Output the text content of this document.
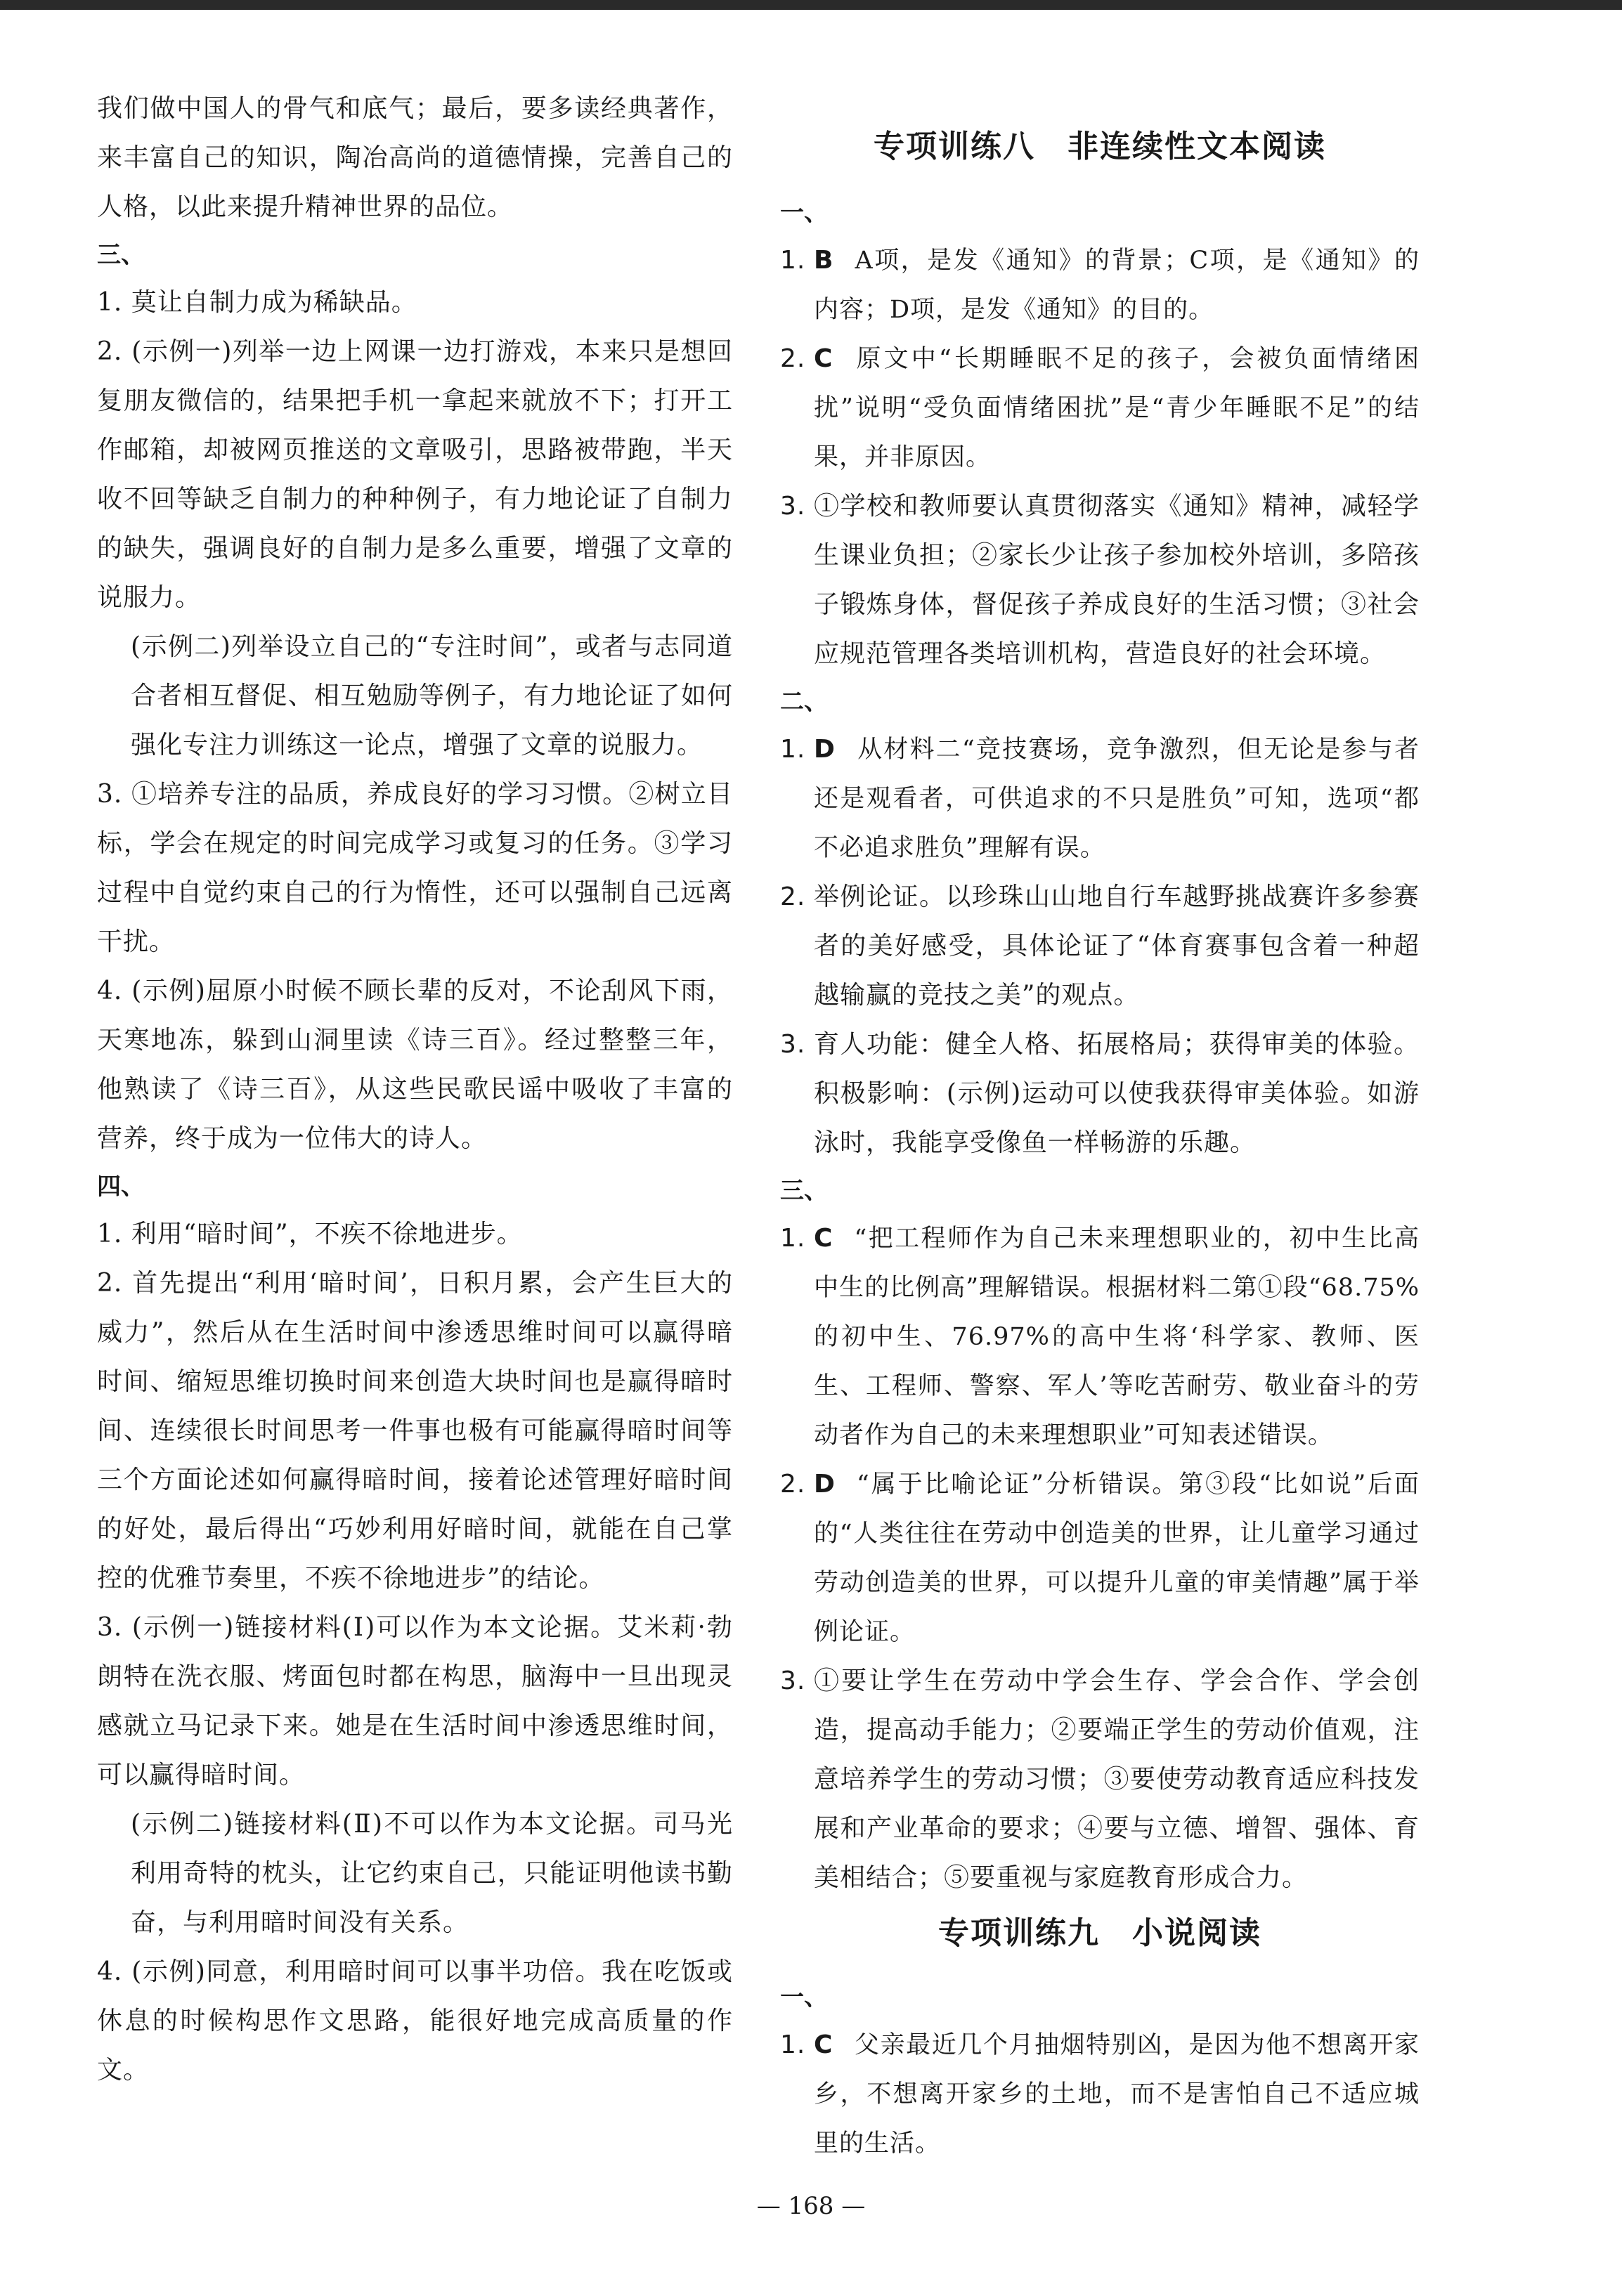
我们做中国人的骨气和底气；最后，要多读经典著作，来丰富自己的知识，陶冶高尚的道德情操，完善自己的人格，以此来提升精神世界的品位。
三、
1. 莫让自制力成为稀缺品。
2. (示例一)列举一边上网课一边打游戏，本来只是想回复朋友微信的，结果把手机一拿起来就放不下；打开工作邮箱，却被网页推送的文章吸引，思路被带跑，半天收不回等缺乏自制力的种种例子，有力地论证了自制力的缺失，强调良好的自制力是多么重要，增强了文章的说服力。
(示例二)列举设立自己的“专注时间”，或者与志同道合者相互督促、相互勉励等例子，有力地论证了如何强化专注力训练这一论点，增强了文章的说服力。
3. ①培养专注的品质，养成良好的学习习惯。②树立目标，学会在规定的时间完成学习或复习的任务。③学习过程中自觉约束自己的行为惰性，还可以强制自己远离干扰。
4. (示例)屈原小时候不顾长辈的反对，不论刮风下雨，天寒地冻，躲到山洞里读《诗三百》。经过整整三年，他熟读了《诗三百》，从这些民歌民谣中吸收了丰富的营养，终于成为一位伟大的诗人。
四、
1. 利用“暗时间”，不疾不徐地进步。
2. 首先提出“利用‘暗时间’，日积月累，会产生巨大的威力”，然后从在生活时间中渗透思维时间可以赢得暗时间、缩短思维切换时间来创造大块时间也是赢得暗时间、连续很长时间思考一件事也极有可能赢得暗时间等三个方面论述如何赢得暗时间，接着论述管理好暗时间的好处，最后得出“巧妙利用好暗时间，就能在自己掌控的优雅节奏里，不疾不徐地进步”的结论。
3. (示例一)链接材料(Ⅰ)可以作为本文论据。艾米莉·勃朗特在洗衣服、烤面包时都在构思，脑海中一旦出现灵感就立马记录下来。她是在生活时间中渗透思维时间，可以赢得暗时间。
(示例二)链接材料(Ⅱ)不可以作为本文论据。司马光利用奇特的枕头，让它约束自己，只能证明他读书勤奋，与利用暗时间没有关系。
4. (示例)同意，利用暗时间可以事半功倍。我在吃饭或休息的时候构思作文思路，能很好地完成高质量的作文。
专项训练八　非连续性文本阅读
一、
1. B A项，是发《通知》的背景；C项，是《通知》的内容；D项，是发《通知》的目的。
2. C 原文中“长期睡眠不足的孩子，会被负面情绪困扰”说明“受负面情绪困扰”是“青少年睡眠不足”的结果，并非原因。
3. ①学校和教师要认真贯彻落实《通知》精神，减轻学生课业负担；②家长少让孩子参加校外培训，多陪孩子锻炼身体，督促孩子养成良好的生活习惯；③社会应规范管理各类培训机构，营造良好的社会环境。
二、
1. D 从材料二“竞技赛场，竞争激烈，但无论是参与者还是观看者，可供追求的不只是胜负”可知，选项“都不必追求胜负”理解有误。
2. 举例论证。以珍珠山山地自行车越野挑战赛许多参赛者的美好感受，具体论证了“体育赛事包含着一种超越输赢的竞技之美”的观点。
3. 育人功能：健全人格、拓展格局；获得审美的体验。积极影响：(示例)运动可以使我获得审美体验。如游泳时，我能享受像鱼一样畅游的乐趣。
三、
1. C “把工程师作为自己未来理想职业的，初中生比高中生的比例高”理解错误。根据材料二第①段“68.75%的初中生、76.97%的高中生将‘科学家、教师、医生、工程师、警察、军人’等吃苦耐劳、敬业奋斗的劳动者作为自己的未来理想职业”可知表述错误。
2. D “属于比喻论证”分析错误。第③段“比如说”后面的“人类往往在劳动中创造美的世界，让儿童学习通过劳动创造美的世界，可以提升儿童的审美情趣”属于举例论证。
3. ①要让学生在劳动中学会生存、学会合作、学会创造，提高动手能力；②要端正学生的劳动价值观，注意培养学生的劳动习惯；③要使劳动教育适应科技发展和产业革命的要求；④要与立德、增智、强体、育美相结合；⑤要重视与家庭教育形成合力。
专项训练九　小说阅读
一、
1. C 父亲最近几个月抽烟特别凶，是因为他不想离开家乡，不想离开家乡的土地，而不是害怕自己不适应城里的生活。
— 168 —
